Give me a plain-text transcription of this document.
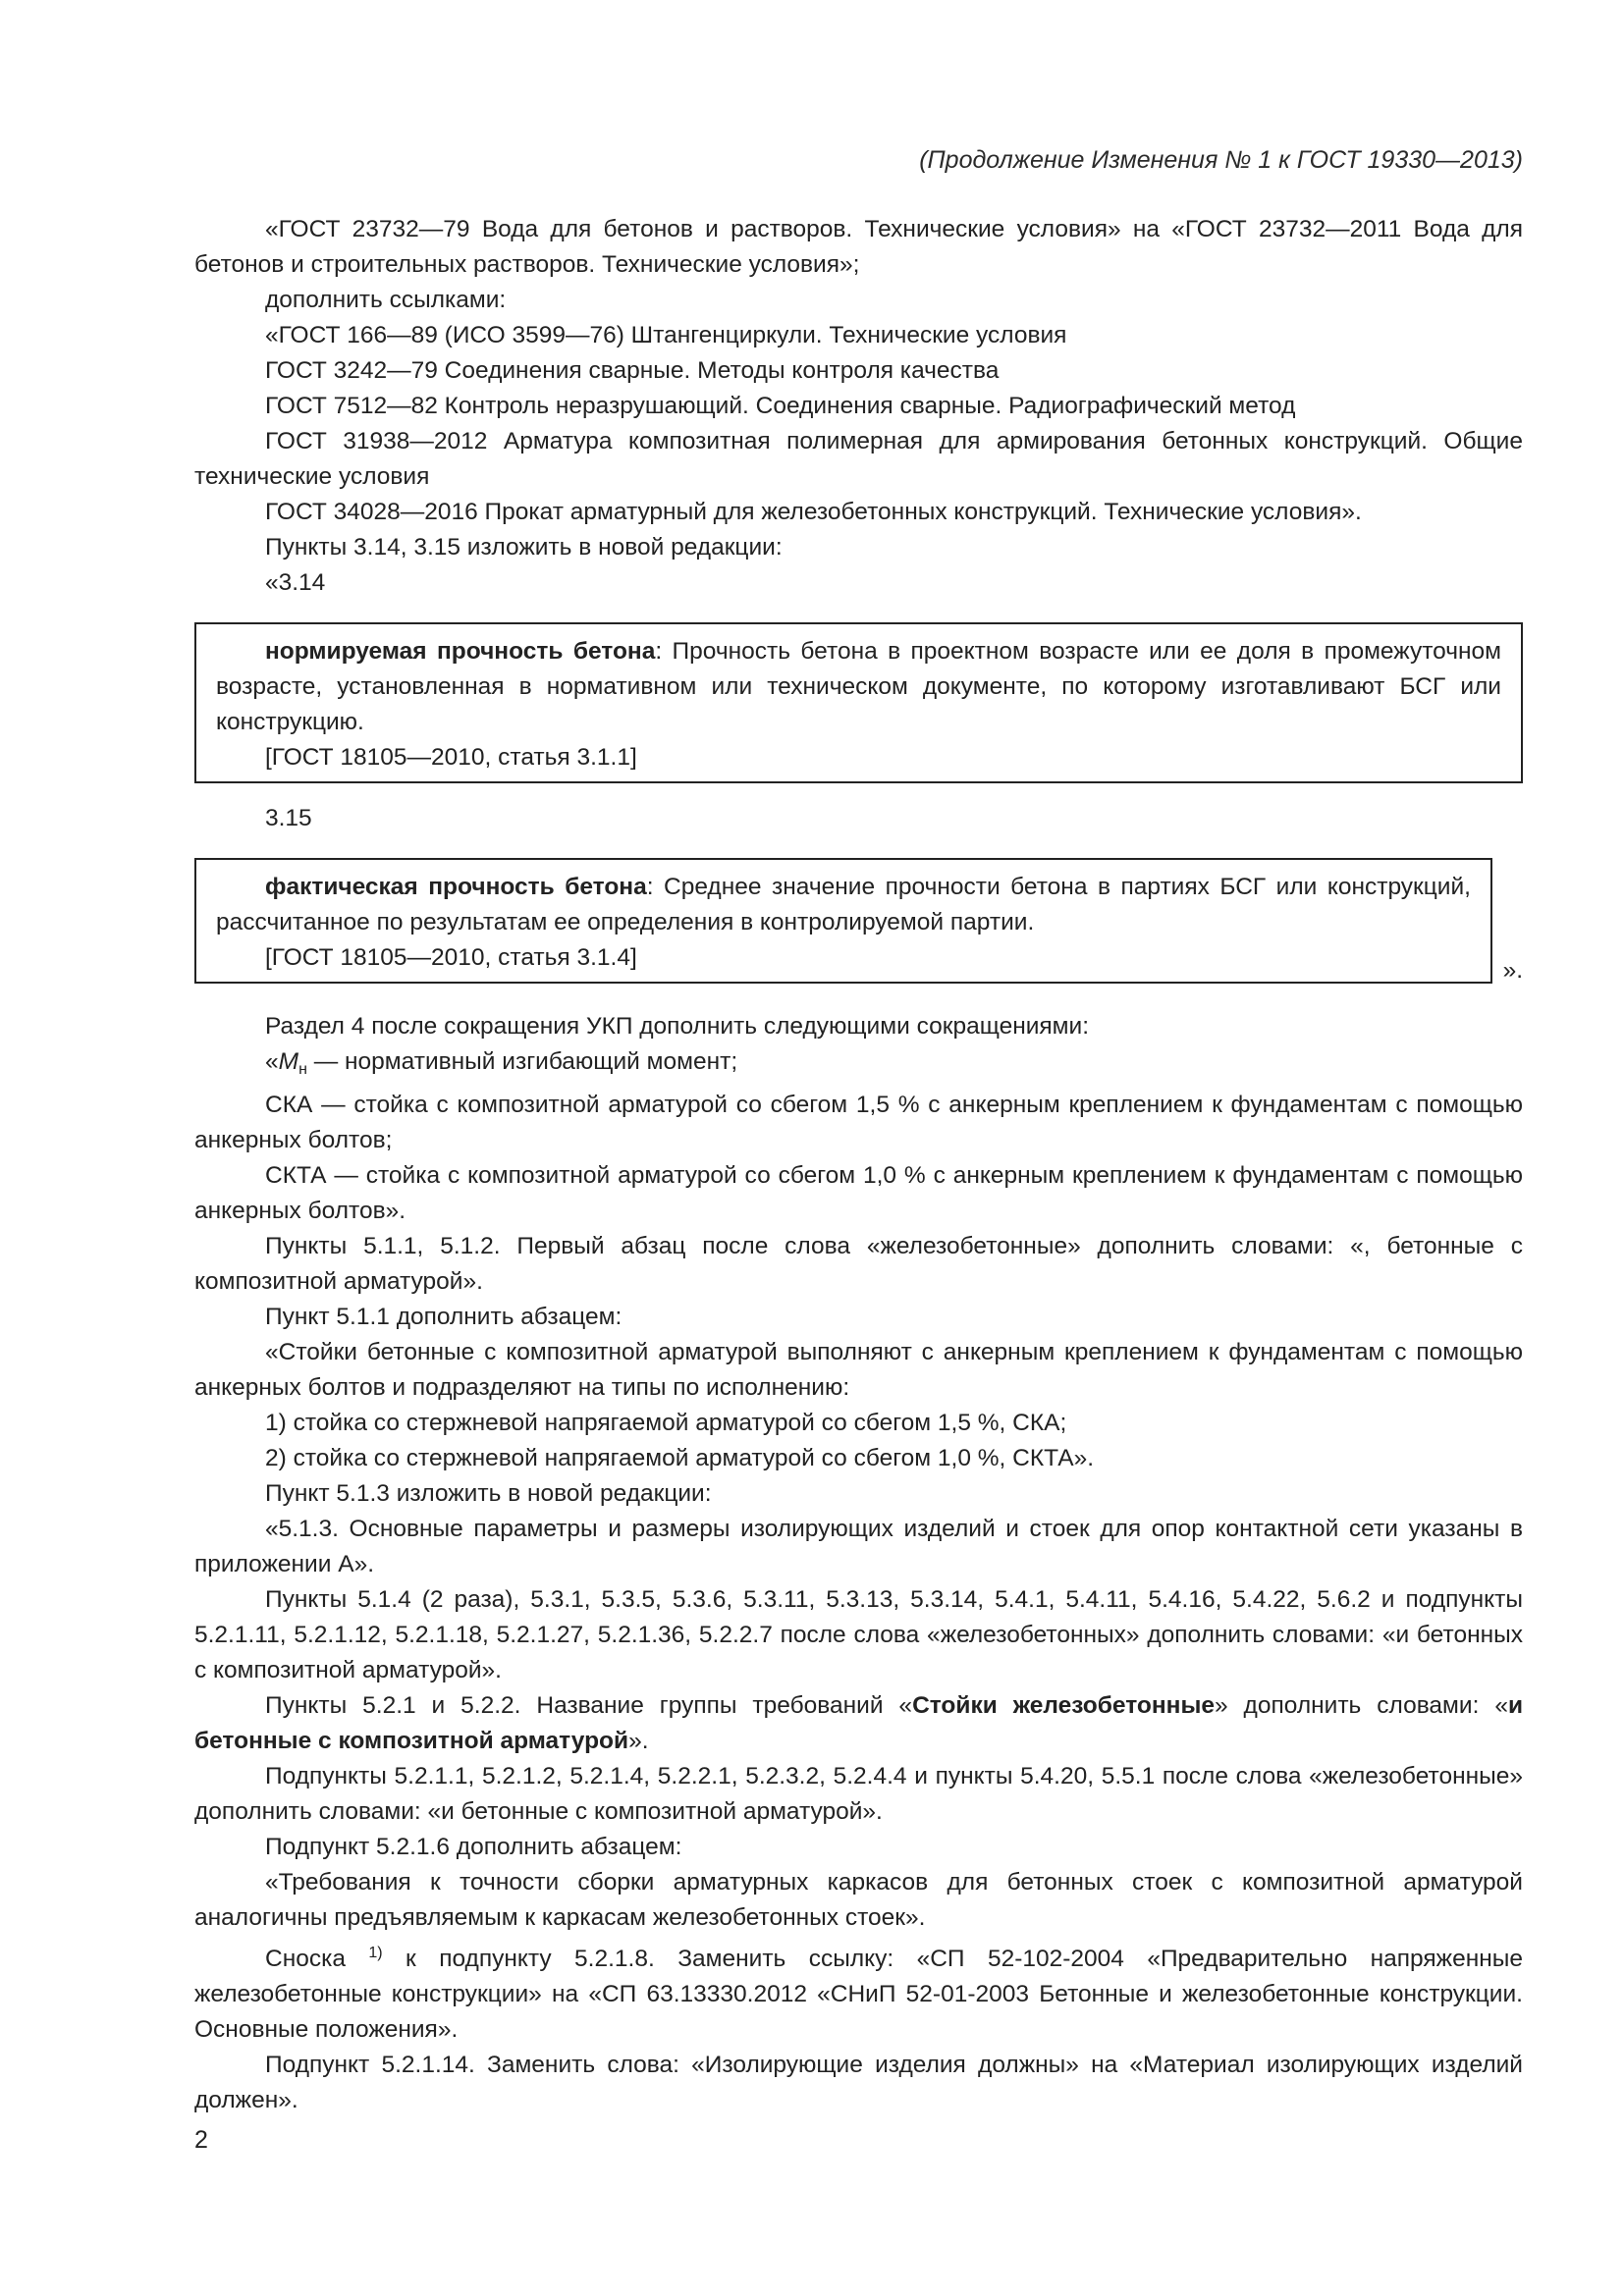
(Продолжение Изменения № 1 к ГОСТ 19330—2013)

«ГОСТ 23732—79 Вода для бетонов и растворов. Технические условия» на «ГОСТ 23732—2011 Вода для бетонов и строительных растворов. Технические условия»;

дополнить ссылками:

«ГОСТ 166—89 (ИСО 3599—76) Штангенциркули. Технические условия

ГОСТ 3242—79 Соединения сварные. Методы контроля качества

ГОСТ 7512—82 Контроль неразрушающий. Соединения сварные. Радиографический метод

ГОСТ 31938—2012 Арматура композитная полимерная для армирования бетонных конструкций. Общие технические условия

ГОСТ 34028—2016 Прокат арматурный для железобетонных конструкций. Технические условия».

Пункты 3.14, 3.15 изложить в новой редакции:

«3.14

нормируемая прочность бетона: Прочность бетона в проектном возрасте или ее доля в промежуточном возрасте, установленная в нормативном или техническом документе, по которому изготавливают БСГ или конструкцию.

[ГОСТ 18105—2010, статья 3.1.1]

3.15

фактическая прочность бетона: Среднее значение прочности бетона в партиях БСГ или конструкций, рассчитанное по результатам ее определения в контролируемой партии.

[ГОСТ 18105—2010, статья 3.1.4]	».

Раздел 4 после сокращения УКП дополнить следующими сокращениями:

«$M_н$ — нормативный изгибающий момент;

СКА — стойка с композитной арматурой со сбегом 1,5 % с анкерным креплением к фундаментам с помощью анкерных болтов;

СКТА — стойка с композитной арматурой со сбегом 1,0 % с анкерным креплением к фундаментам с помощью анкерных болтов».

Пункты 5.1.1, 5.1.2. Первый абзац после слова «железобетонные» дополнить словами: «, бетонные с композитной арматурой».

Пункт 5.1.1 дополнить абзацем:

«Стойки бетонные с композитной арматурой выполняют с анкерным креплением к фундаментам с помощью анкерных болтов и подразделяют на типы по исполнению:

1) стойка со стержневой напрягаемой арматурой со сбегом 1,5 %, СКА;

2) стойка со стержневой напрягаемой арматурой со сбегом 1,0 %, СКТА».

Пункт 5.1.3 изложить в новой редакции:

«5.1.3. Основные параметры и размеры изолирующих изделий и стоек для опор контактной сети указаны в приложении А».

Пункты 5.1.4 (2 раза), 5.3.1, 5.3.5, 5.3.6, 5.3.11, 5.3.13, 5.3.14, 5.4.1, 5.4.11, 5.4.16, 5.4.22, 5.6.2 и подпункты 5.2.1.11, 5.2.1.12, 5.2.1.18, 5.2.1.27, 5.2.1.36, 5.2.2.7 после слова «железобетонных» дополнить словами: «и бетонных с композитной арматурой».

Пункты 5.2.1 и 5.2.2. Название группы требований «Стойки железобетонные» дополнить словами: «и бетонные с композитной арматурой».

Подпункты 5.2.1.1, 5.2.1.2, 5.2.1.4, 5.2.2.1, 5.2.3.2, 5.2.4.4 и пункты 5.4.20, 5.5.1 после слова «железобетонные» дополнить словами: «и бетонные с композитной арматурой».

Подпункт 5.2.1.6 дополнить абзацем:

«Требования к точности сборки арматурных каркасов для бетонных стоек с композитной арматурой аналогичны предъявляемым к каркасам железобетонных стоек».

Сноска $^{1)}$ к подпункту 5.2.1.8. Заменить ссылку: «СП 52-102-2004 «Предварительно напряженные железобетонные конструкции» на «СП 63.13330.2012 «СНиП 52-01-2003 Бетонные и железобетонные конструкции. Основные положения».

Подпункт 5.2.1.14. Заменить слова: «Изолирующие изделия должны» на «Материал изолирующих изделий должен».

2
